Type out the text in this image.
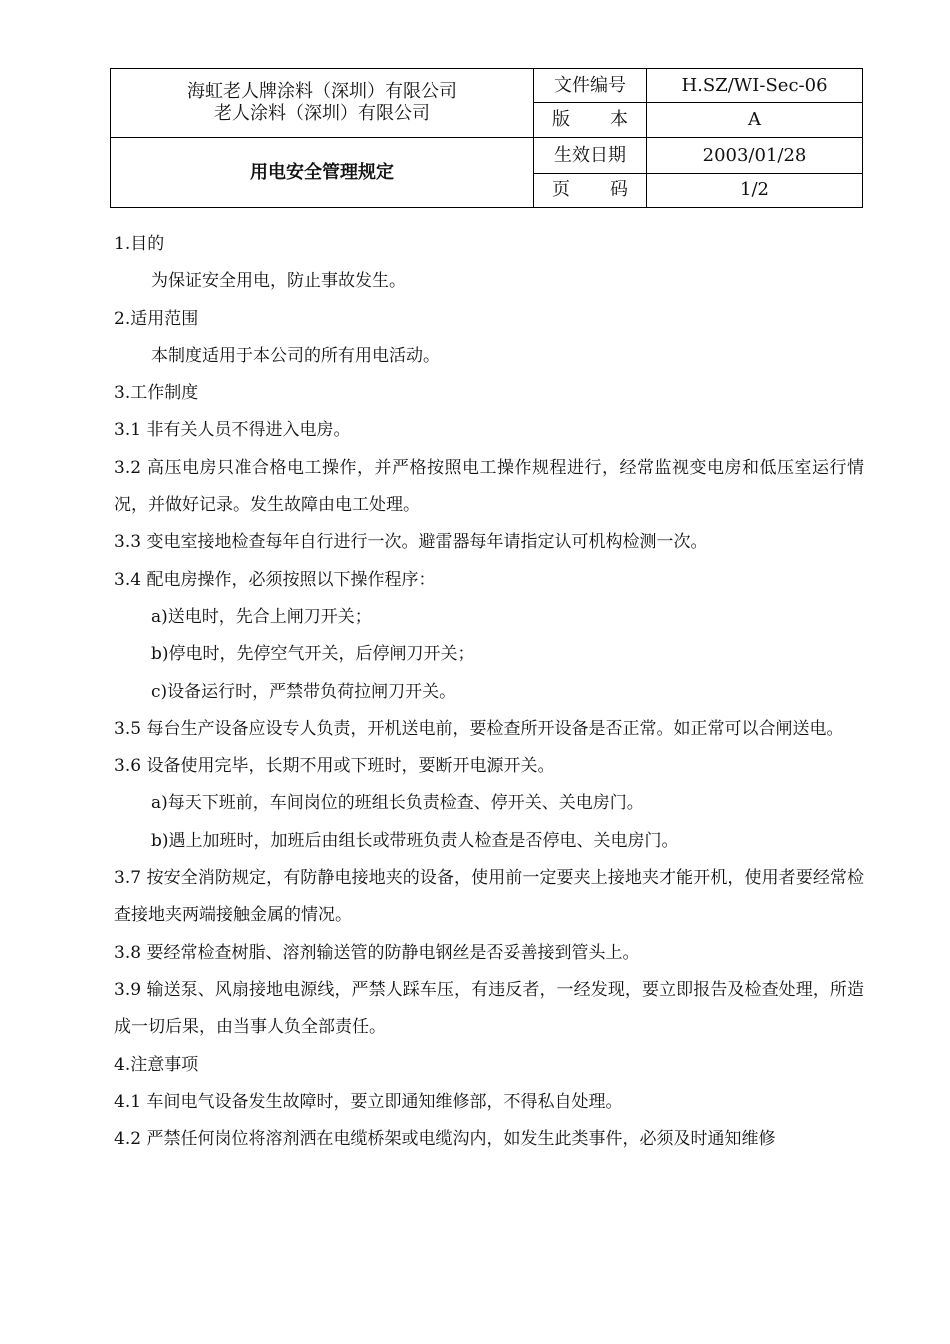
海虹老人牌涂料（深圳）有限公司
老人涂料（深圳）有限公司	文件编号	H.SZ/WI-Sec-06
	版 本	A
用电安全管理规定	生效日期	2003/01/28
	页 码	1/2

1.目的

为保证安全用电，防止事故发生。

2.适用范围

本制度适用于本公司的所有用电活动。

3.工作制度

3.1 非有关人员不得进入电房。

3.2 高压电房只准合格电工操作，并严格按照电工操作规程进行，经常监视变电房和低压室运行情况，并做好记录。发生故障由电工处理。

3.3 变电室接地检查每年自行进行一次。避雷器每年请指定认可机构检测一次。

3.4 配电房操作，必须按照以下操作程序：

a)送电时，先合上闸刀开关；

b)停电时，先停空气开关，后停闸刀开关；

c)设备运行时，严禁带负荷拉闸刀开关。

3.5 每台生产设备应设专人负责，开机送电前，要检查所开设备是否正常。如正常可以合闸送电。

3.6 设备使用完毕，长期不用或下班时，要断开电源开关。

a)每天下班前，车间岗位的班组长负责检查、停开关、关电房门。

b)遇上加班时，加班后由组长或带班负责人检查是否停电、关电房门。

3.7 按安全消防规定，有防静电接地夹的设备，使用前一定要夹上接地夹才能开机，使用者要经常检查接地夹两端接触金属的情况。

3.8 要经常检查树脂、溶剂输送管的防静电钢丝是否妥善接到管头上。

3.9 输送泵、风扇接地电源线，严禁人踩车压，有违反者，一经发现，要立即报告及检查处理，所造成一切后果，由当事人负全部责任。

4.注意事项

4.1 车间电气设备发生故障时，要立即通知维修部，不得私自处理。

4.2 严禁任何岗位将溶剂洒在电缆桥架或电缆沟内，如发生此类事件，必须及时通知维修
